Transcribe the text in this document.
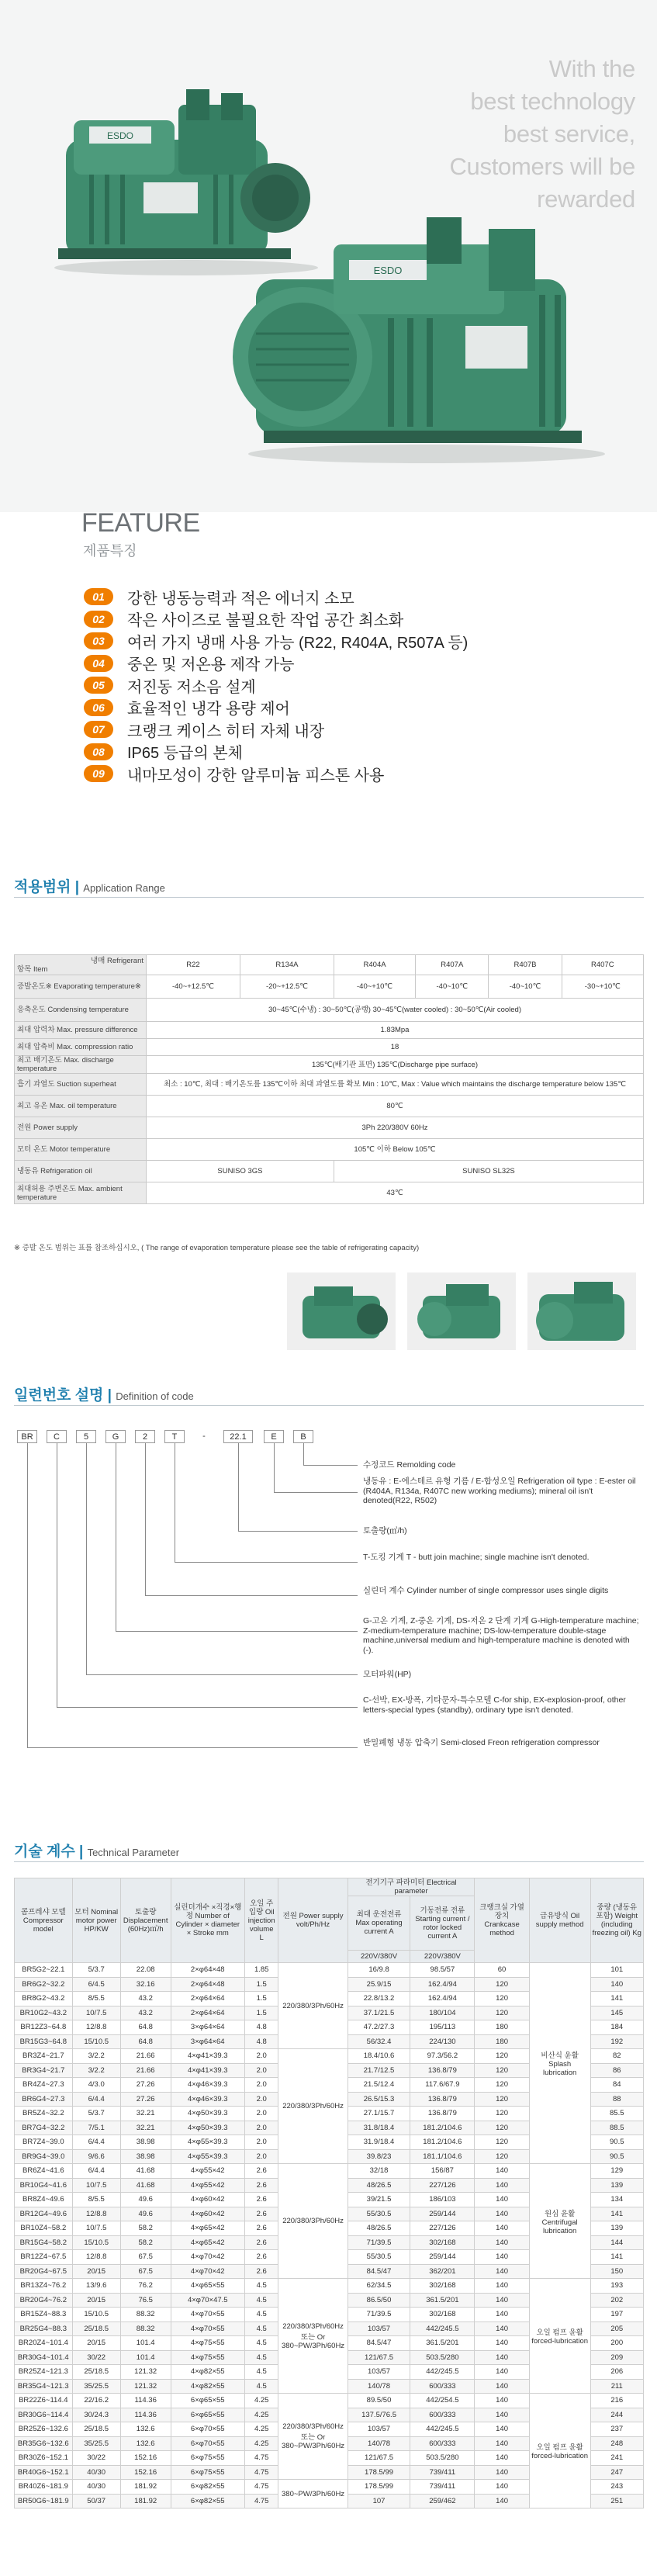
With the
best technology
best service,
Customers will be
rewarded
ESDO
ESDO
FEATURE
제품특징
01	강한 냉동능력과 적은 에너지 소모
02	작은 사이즈로 불필요한 작업 공간 최소화
03	여러 가지 냉매 사용 가능 (R22, R404A, R507A 등)
04	중온 및 저온용 제작 가능
05	저진동 저소음 설계
06	효율적인 냉각 용량 제어
07	크랭크 케이스 히터 자체 내장
08	IP65 등급의 본체
09	내마모성이 강한 알루미늄 피스톤 사용
적용범위 | Application Range
냉매 Refrigerant
항목 Item	R22	R134A	R404A	R407A	R407B	R407C
증발온도※ Evaporating temperature※	-40~+12.5℃	-20~+12.5℃	-40~+10℃	-40~10℃	-40~10℃	-30~+10℃
응축온도 Condensing temperature	30~45℃(수냉) : 30~50℃(공랭) 30~45℃(water cooled) : 30~50℃(Air cooled)					
최대 압력차 Max. pressure difference	1.83Mpa					
최대 압축비 Max. compression ratio	18					
최고 배기온도 Max. discharge temperature	135℃(배기관 표면) 135℃(Discharge pipe surface)					
흡기 과열도 Suction superheat	최소 : 10℃, 최대 : 배기온도를 135℃이하 최대 과열도를 확보 Min : 10℃, Max : Value which maintains the discharge temperature below 135℃					
최고 유온 Max. oil temperature	80℃					
전원 Power supply	3Ph 220/380V 60Hz					
모터 온도 Motor temperature	105℃ 이하 Below 105℃					
냉동유 Refrigeration oil	SUNISO 3GS		SUNISO SL32S			
최대허용 주변온도 Max. ambient temperature	43℃					
※ 증발 온도 범위는 표를 참조하십시오, ( The range of evaporation temperature please see the table of refrigerating capacity)
일련번호 설명 | Definition of code
BR	C	5	G	2	T	-	22.1	E	B
수정코드 Remolding code
냉동유 : E-에스테르 유형 기름 / E-합성오일 Refrigeration oil type : E-ester oil (R404A, R134a, R407C new working mediums); mineral oil isn't denoted(R22, R502)
토출량(㎥/h)
T-도킹 기계 T - butt join machine; single machine isn't denoted.
실린더 계수 Cylinder number of single compressor uses single digits
G-고온 기계, Z-중온 기계, DS-저온 2 단계 기계 G-High-temperature machine; Z-medium-temperature machine; DS-low-temperature double-stage machine,universal medium and high-temperature machine is denoted with (-).
모터파워(HP)
C-선박, EX-방폭, 기타문자-특수모델 C-for ship, EX-explosion-proof, other letters-special types (standby), ordinary type isn't denoted.
반밀폐형 냉동 압축기 Semi-closed Freon refrigeration compressor
기술 계수 | Technical Parameter
콤프레샤 모델 Compressor model	모터 Nominal motor power HP/KW	토출량 Displacement (60Hz)㎥/h	실린더개수 ×직경×행정 Number of Cylinder × diameter × Stroke mm	오일 주입량 Oil injection volume L	전원 Power supply volt/Ph/Hz	전기기구 파라미터 Electrical parameter		크랭크실 가열장치 Crankcase method	급유방식 Oil supply method	중량 (냉동유 포함) Weight (including freezing oil) Kg
						최대 운전전류 Max operating current A	기동전류 전류 Starting current / rotor locked current A			
						220V/380V	220V/380V			
BR5G2~22.1	5/3.7	22.08	2×φ64×48	1.85	220/380/3Ph/60Hz	16/9.8	98.5/57	60	비산식 윤활 Splash lubrication	101
BR6G2~32.2	6/4.5	32.16	2×φ64×48	1.5		25.9/15	162.4/94	120		140
BR8G2~43.2	8/5.5	43.2	2×φ64×64	1.5		22.8/13.2	162.4/94	120		141
BR10G2~43.2	10/7.5	43.2	2×φ64×64	1.5		37.1/21.5	180/104	120		145
BR12Z3~64.8	12/8.8	64.8	3×φ64×64	4.8		47.2/27.3	195/113	180		184
BR15G3~64.8	15/10.5	64.8	3×φ64×64	4.8		56/32.4	224/130	180		192
BR3Z4~21.7	3/2.2	21.66	4×φ41×39.3	2.0	220/380/3Ph/60Hz	18.4/10.6	97.3/56.2	120		82
BR3G4~21.7	3/2.2	21.66	4×φ41×39.3	2.0		21.7/12.5	136.8/79	120		86
BR4Z4~27.3	4/3.0	27.26	4×φ46×39.3	2.0		21.5/12.4	117.6/67.9	120		84
BR6G4~27.3	6/4.4	27.26	4×φ46×39.3	2.0		26.5/15.3	136.8/79	120		88
BR5Z4~32.2	5/3.7	32.21	4×φ50×39.3	2.0		27.1/15.7	136.8/79	120		85.5
BR7G4~32.2	7/5.1	32.21	4×φ50×39.3	2.0		31.8/18.4	181.2/104.6	120		88.5
BR7Z4~39.0	6/4.4	38.98	4×φ55×39.3	2.0		31.9/18.4	181.2/104.6	120		90.5
BR9G4~39.0	9/6.6	38.98	4×φ55×39.3	2.0		39.8/23	181.1/104.6	120		90.5
BR6Z4~41.6	6/4.4	41.68	4×φ55×42	2.6	220/380/3Ph/60Hz	32/18	156/87	140	원심 윤활 Centrifugal lubrication	129
BR10G4~41.6	10/7.5	41.68	4×φ55×42	2.6		48/26.5	227/126	140		139
BR8Z4~49.6	8/5.5	49.6	4×φ60×42	2.6		39/21.5	186/103	140		134
BR12G4~49.6	12/8.8	49.6	4×φ60×42	2.6		55/30.5	259/144	140		141
BR10Z4~58.2	10/7.5	58.2	4×φ65×42	2.6		48/26.5	227/126	140		139
BR15G4~58.2	15/10.5	58.2	4×φ65×42	2.6		71/39.5	302/168	140		144
BR12Z4~67.5	12/8.8	67.5	4×φ70×42	2.6		55/30.5	259/144	140		141
BR20G4~67.5	20/15	67.5	4×φ70×42	2.6		84.5/47	362/201	140		150
BR13Z4~76.2	13/9.6	76.2	4×φ65×55	4.5	220/380/3Ph/60Hz 또는 Or 380~PW/3Ph/60Hz	62/34.5	302/168	140	오일 펌프 윤활 forced-lubrication	193
BR20G4~76.2	20/15	76.5	4×φ70×47.5	4.5		86.5/50	361.5/201	140		202
BR15Z4~88.3	15/10.5	88.32	4×φ70×55	4.5		71/39.5	302/168	140		197
BR25G4~88.3	25/18.5	88.32	4×φ70×55	4.5		103/57	442/245.5	140		205
BR20Z4~101.4	20/15	101.4	4×φ75×55	4.5		84.5/47	361.5/201	140		200
BR30G4~101.4	30/22	101.4	4×φ75×55	4.5		121/67.5	503.5/280	140		209
BR25Z4~121.3	25/18.5	121.32	4×φ82×55	4.5		103/57	442/245.5	140		206
BR35G4~121.3	35/25.5	121.32	4×φ82×55	4.5		140/78	600/333	140		211
BR22Z6~114.4	22/16.2	114.36	6×φ65×55	4.25	220/380/3Ph/60Hz 또는 Or 380~PW/3Ph/60Hz	89.5/50	442/254.5	140	오일 펌프 윤활 forced-lubrication	216
BR30G6~114.4	30/24.3	114.36	6×φ65×55	4.25		137.5/76.5	600/333	140		244
BR25Z6~132.6	25/18.5	132.6	6×φ70×55	4.25		103/57	442/245.5	140		237
BR35G6~132.6	35/25.5	132.6	6×φ70×55	4.25		140/78	600/333	140		248
BR30Z6~152.1	30/22	152.16	6×φ75×55	4.75		121/67.5	503.5/280	140		241
BR40G6~152.1	40/30	152.16	6×φ75×55	4.75		178.5/99	739/411	140		247
BR40Z6~181.9	40/30	181.92	6×φ82×55	4.75	380~PW/3Ph/60Hz	178.5/99	739/411	140		243
BR50G6~181.9	50/37	181.92	6×φ82×55	4.75		107	259/462	140		251
